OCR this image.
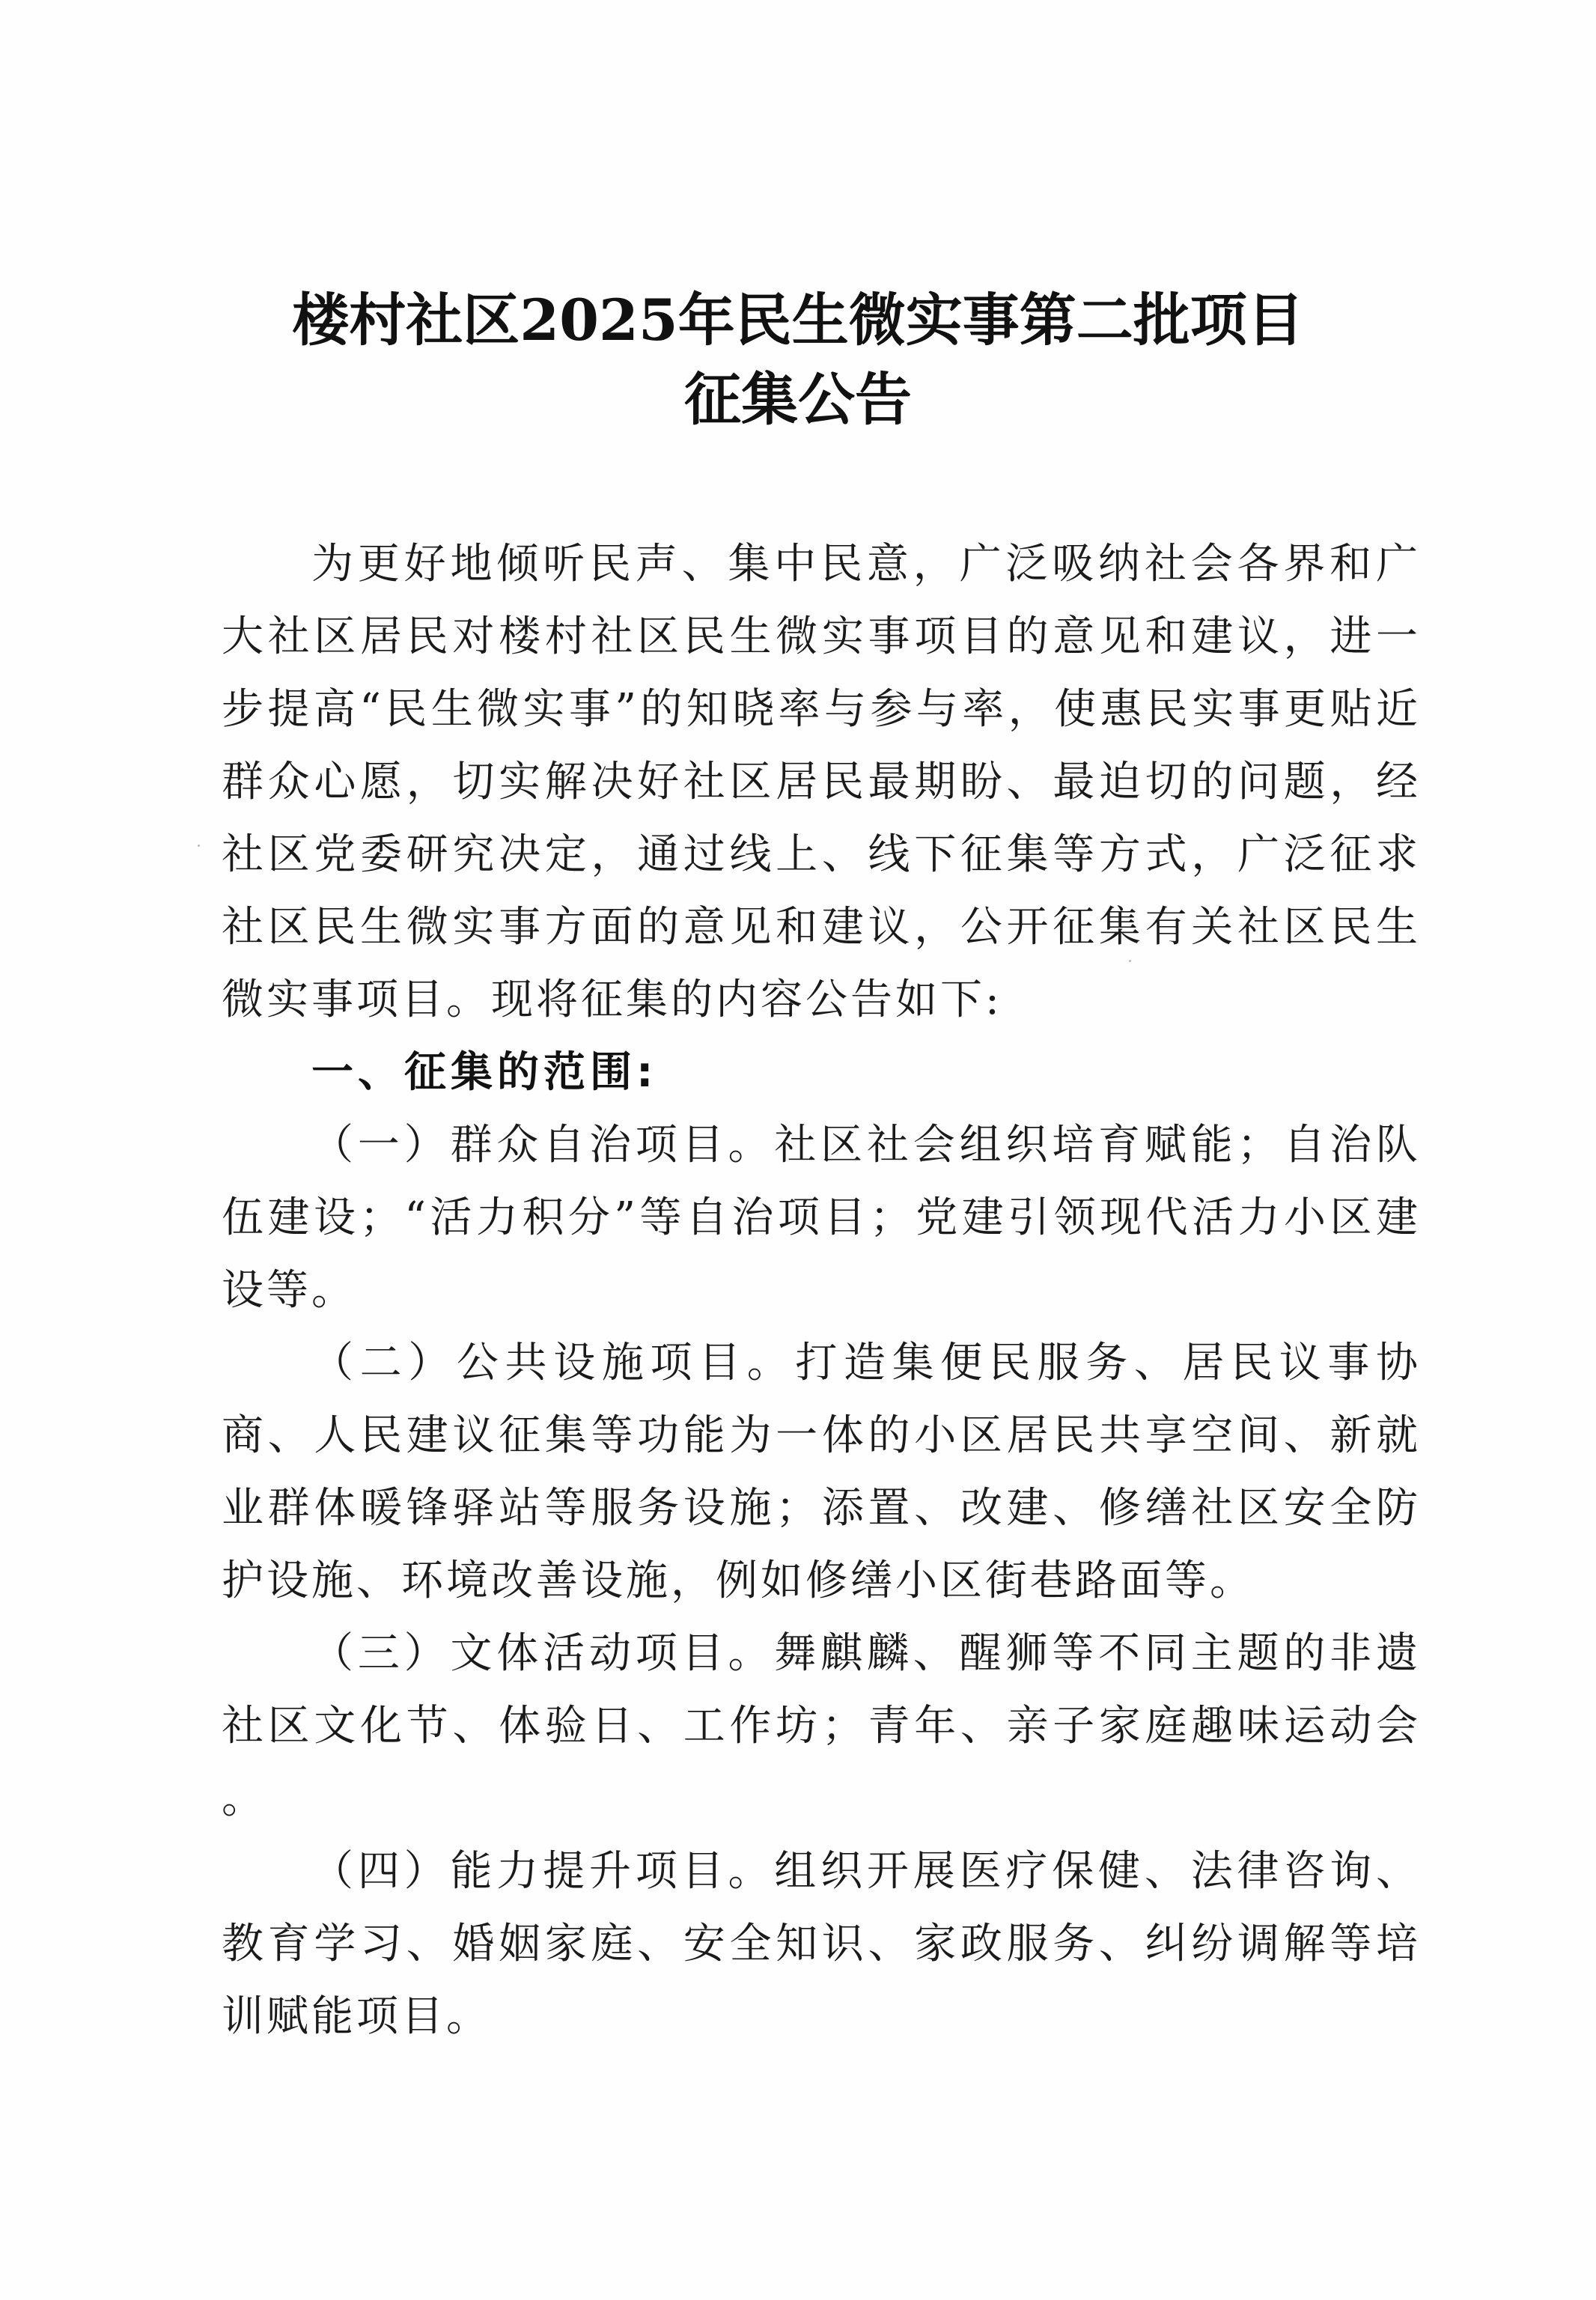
楼村社区2025年民生微实事第二批项目
征集公告

为更好地倾听民声、集中民意，广泛吸纳社会各界和广大社区居民对楼村社区民生微实事项目的意见和建议，进一步提高“民生微实事”的知晓率与参与率，使惠民实事更贴近群众心愿，切实解决好社区居民最期盼、最迫切的问题，经社区党委研究决定，通过线上、线下征集等方式，广泛征求社区民生微实事方面的意见和建议，公开征集有关社区民生微实事项目。现将征集的内容公告如下:

一、征集的范围:

（一）群众自治项目。社区社会组织培育赋能；自治队伍建设；“活力积分”等自治项目；党建引领现代活力小区建设等。

（二）公共设施项目。打造集便民服务、居民议事协商、人民建议征集等功能为一体的小区居民共享空间、新就业群体暖锋驿站等服务设施；添置、改建、修缮社区安全防护设施、环境改善设施，例如修缮小区街巷路面等。

（三）文体活动项目。舞麒麟、醒狮等不同主题的非遗社区文化节、体验日、工作坊；青年、亲子家庭趣味运动会 。

（四）能力提升项目。组织开展医疗保健、法律咨询、教育学习、婚姻家庭、安全知识、家政服务、纠纷调解等培训赋能项目。
